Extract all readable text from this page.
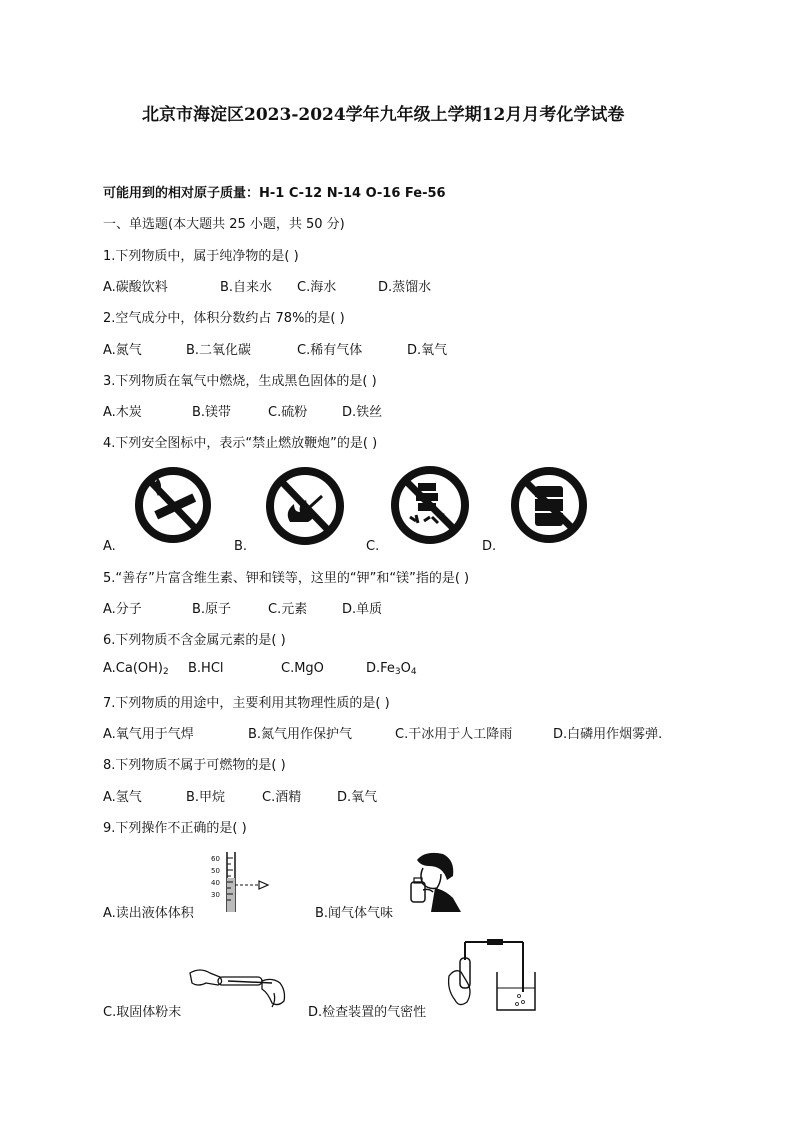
北京市海淀区2023-2024学年九年级上学期12月月考化学试卷
可能用到的相对原子质量：H-1 C-12 N-14 O-16 Fe-56
一、单选题(本大题共 25 小题，共 50 分)
1.下列物质中，属于纯净物的是( )
A.碳酸饮料	B.自来水 C.海水	D.蒸馏水
2.空气成分中，体积分数约占 78%的是( )
A.氮气	B.二氧化碳	C.稀有气体	D.氧气
3.下列物质在氧气中燃烧，生成黑色固体的是( )
A.木炭	B.镁带	C.硫粉	D.铁丝
4.下列安全图标中，表示“禁止燃放鞭炮”的是( )
A.	B.	C.	D.
5.“善存”片富含维生素、钾和镁等，这里的“钾”和“镁”指的是( )
A.分子	B.原子	C.元素	D.单质
6.下列物质不含金属元素的是( )
$A.Ca(OH)_2$ B.HCl	C.MgO	$D.Fe_3O_4$
7.下列物质的用途中，主要利用其物理性质的是( )
A.氧气用于气焊	B.氮气用作保护气	C.干冰用于人工降雨	D.白磷用作烟雾弹.
8.下列物质不属于可燃物的是( )
A.氢气	B.甲烷	C.酒精	D.氧气
9.下列操作不正确的是( )
60
50
40
30
A.读出液体体积	B.闻气体气味
C.取固体粉末	D.检查装置的气密性
